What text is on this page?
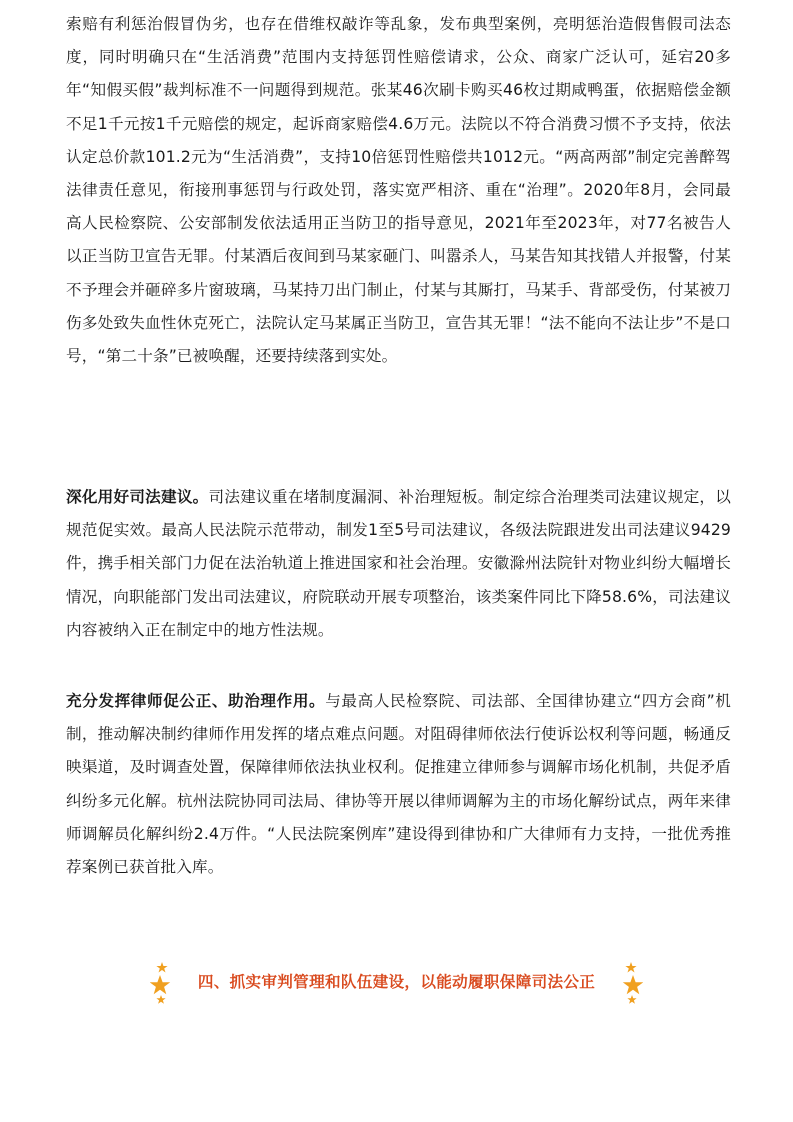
索赔有利惩治假冒伪劣，也存在借维权敲诈等乱象，发布典型案例，亮明惩治造假售假司法态度，同时明确只在“生活消费”范围内支持惩罚性赔偿请求，公众、商家广泛认可，延宕20多年“知假买假”裁判标准不一问题得到规范。张某46次刷卡购买46枚过期咸鸭蛋，依据赔偿金额不足1千元按1千元赔偿的规定，起诉商家赔偿4.6万元。法院以不符合消费习惯不予支持，依法认定总价款101.2元为“生活消费”，支持10倍惩罚性赔偿共1012元。“两高两部”制定完善醉驾法律责任意见，衔接刑事惩罚与行政处罚，落实宽严相济、重在“治理”。2020年8月，会同最高人民检察院、公安部制发依法适用正当防卫的指导意见，2021年至2023年，对77名被告人以正当防卫宣告无罪。付某酒后夜间到马某家砸门、叫嚣杀人，马某告知其找错人并报警，付某不予理会并砸碎多片窗玻璃，马某持刀出门制止，付某与其厮打，马某手、背部受伤，付某被刀伤多处致失血性休克死亡，法院认定马某属正当防卫，宣告其无罪！“法不能向不法让步”不是口号，“第二十条”已被唤醒，还要持续落到实处。

深化用好司法建议。司法建议重在堵制度漏洞、补治理短板。制定综合治理类司法建议规定，以规范促实效。最高人民法院示范带动，制发1至5号司法建议，各级法院跟进发出司法建议9429件，携手相关部门力促在法治轨道上推进国家和社会治理。安徽滁州法院针对物业纠纷大幅增长情况，向职能部门发出司法建议，府院联动开展专项整治，该类案件同比下降58.6%，司法建议内容被纳入正在制定中的地方性法规。

充分发挥律师促公正、助治理作用。与最高人民检察院、司法部、全国律协建立“四方会商”机制，推动解决制约律师作用发挥的堵点难点问题。对阻碍律师依法行使诉讼权利等问题，畅通反映渠道，及时调查处置，保障律师依法执业权利。促推建立律师参与调解市场化机制，共促矛盾纠纷多元化解。杭州法院协同司法局、律协等开展以律师调解为主的市场化解纷试点，两年来律师调解员化解纠纷2.4万件。“人民法院案例库”建设得到律协和广大律师有力支持，一批优秀推荐案例已获首批入库。

四、抓实审判管理和队伍建设，以能动履职保障司法公正
